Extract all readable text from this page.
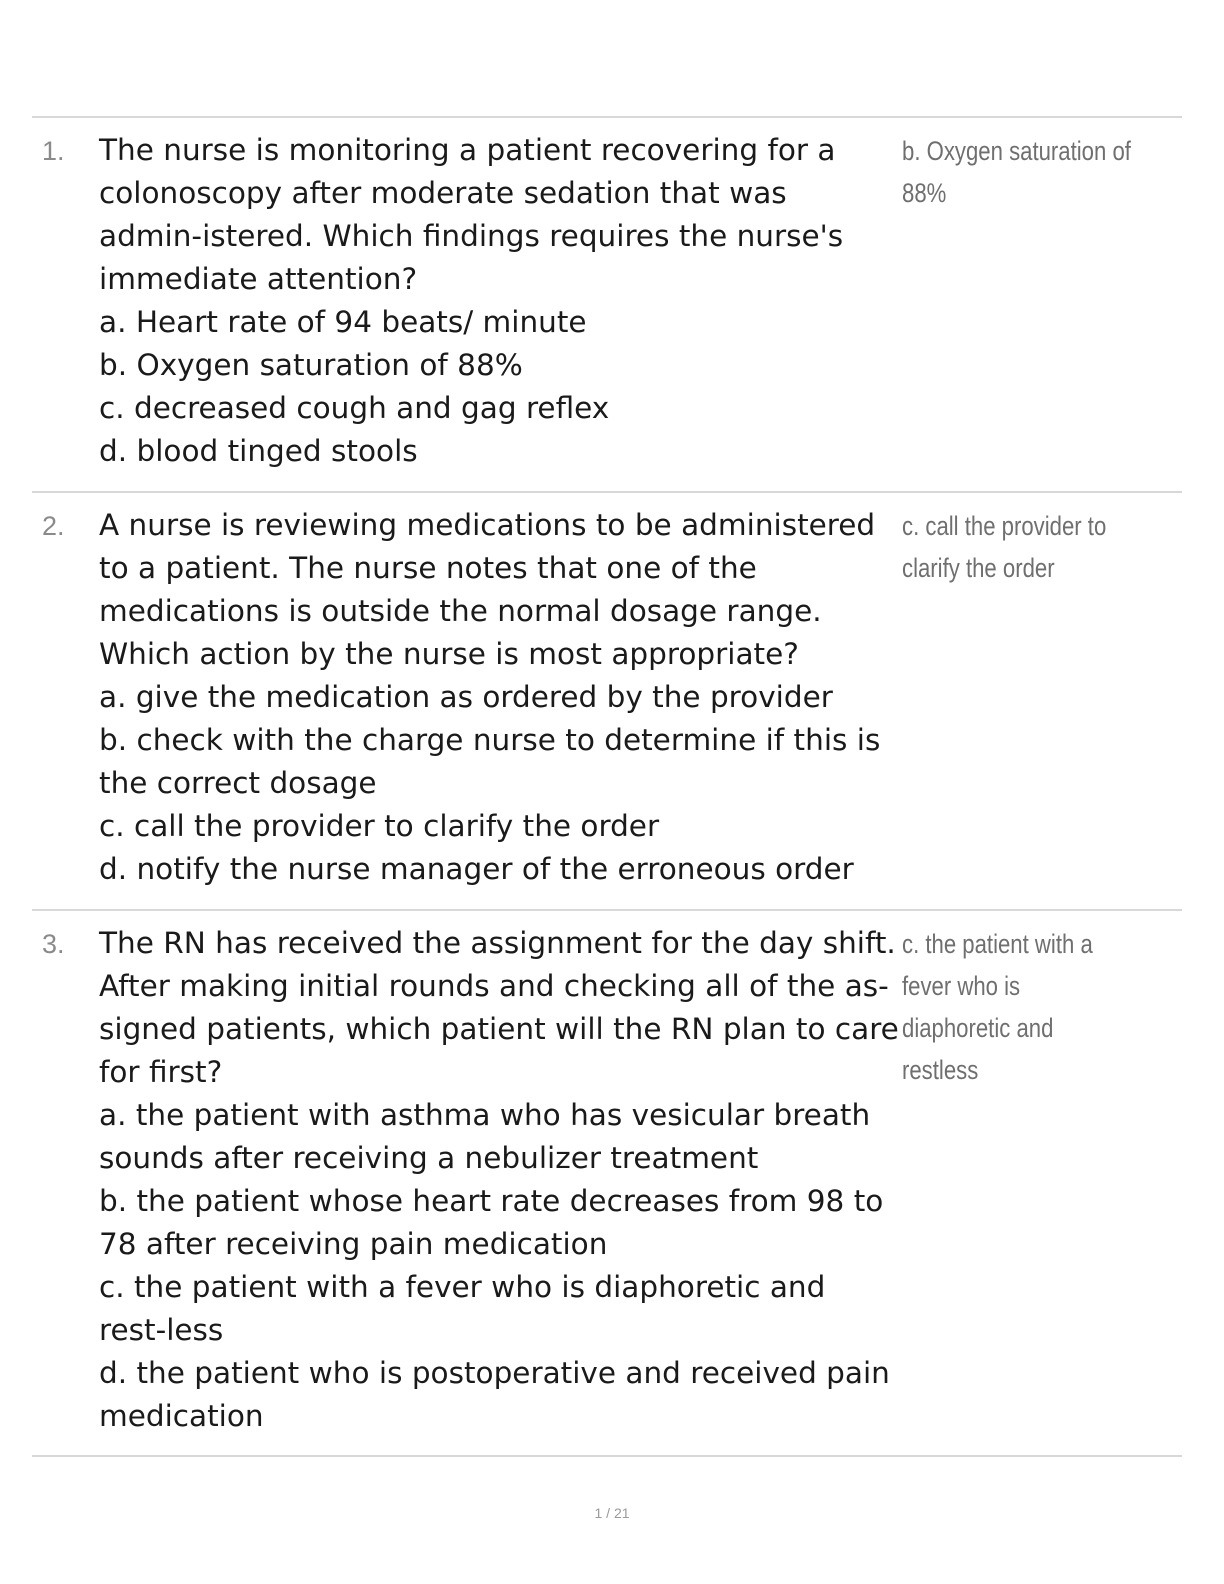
1. The nurse is monitoring a patient recovering for a colonoscopy after moderate sedation that was admin-istered. Which findings requires the nurse's immediate attention?
a. Heart rate of 94 beats/ minute
b. Oxygen saturation of 88%
c. decreased cough and gag reflex
d. blood tinged stools
b. Oxygen saturation of 88%
2. A nurse is reviewing medications to be administered to a patient. The nurse notes that one of the medications is outside the normal dosage range. Which action by the nurse is most appropriate?
a. give the medication as ordered by the provider
b. check with the charge nurse to determine if this is the correct dosage
c. call the provider to clarify the order
d. notify the nurse manager of the erroneous order
c. call the provider to clarify the order
3. The RN has received the assignment for the day shift. After making initial rounds and checking all of the as-signed patients, which patient will the RN plan to care for first?
a. the patient with asthma who has vesicular breath sounds after receiving a nebulizer treatment
b. the patient whose heart rate decreases from 98 to 78 after receiving pain medication
c. the patient with a fever who is diaphoretic and rest-less
d. the patient who is postoperative and received pain medication
c. the patient with a fever who is diaphoretic and restless
1 / 21
